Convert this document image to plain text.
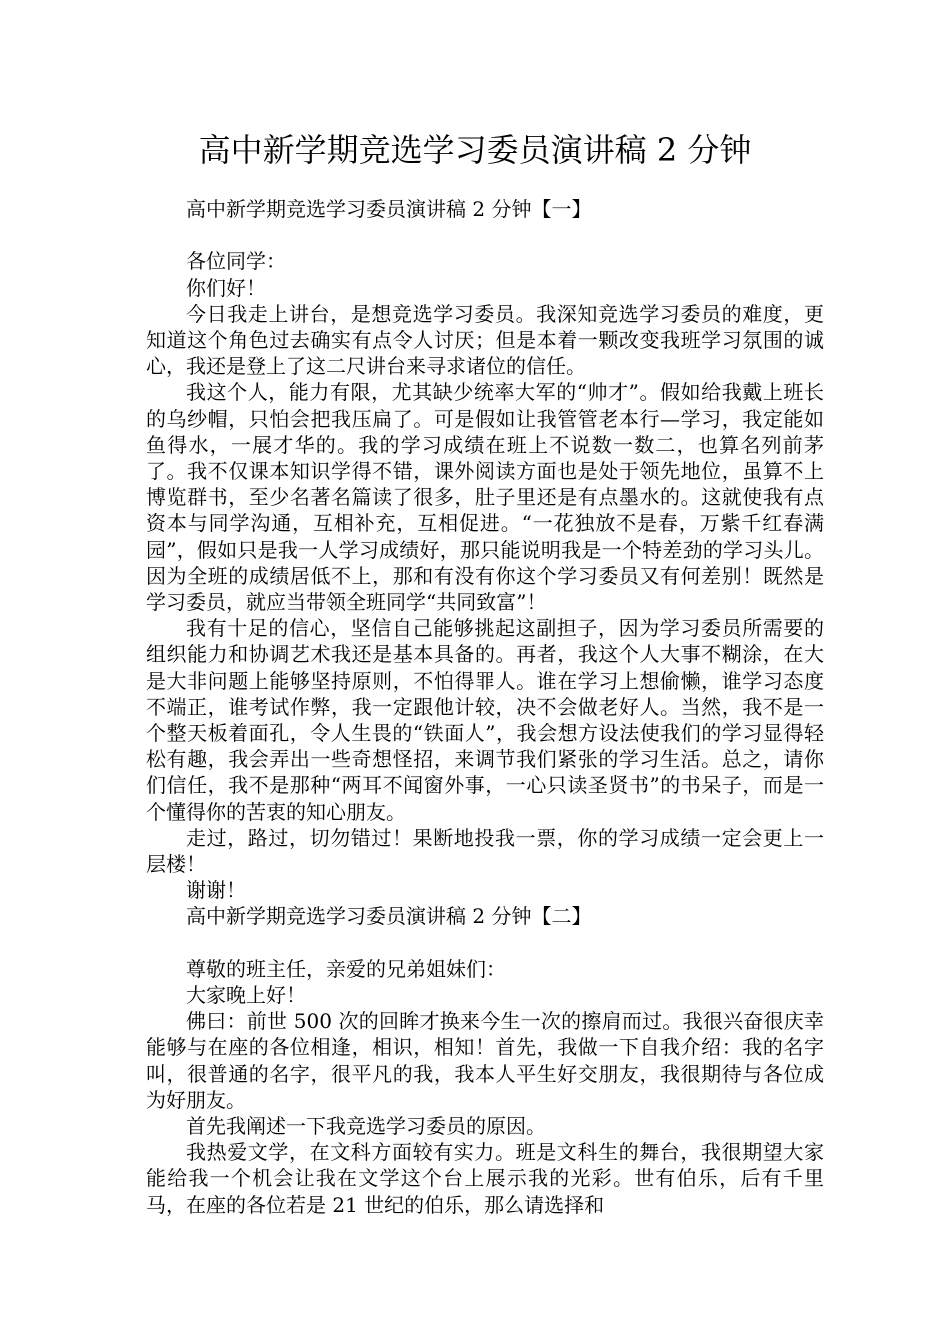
高中新学期竞选学习委员演讲稿 2 分钟

高中新学期竞选学习委员演讲稿 2 分钟【一】

各位同学：

你们好！

今日我走上讲台，是想竞选学习委员。我深知竞选学习委员的难度，更知道这个角色过去确实有点令人讨厌；但是本着一颗改变我班学习氛围的诚心，我还是登上了这二尺讲台来寻求诸位的信任。

我这个人，能力有限，尤其缺少统率大军的“帅才”。假如给我戴上班长的乌纱帽，只怕会把我压扁了。可是假如让我管管老本行—学习，我定能如鱼得水，一展才华的。我的学习成绩在班上不说数一数二，也算名列前茅了。我不仅课本知识学得不错，课外阅读方面也是处于领先地位，虽算不上博览群书，至少名著名篇读了很多，肚子里还是有点墨水的。这就使我有点资本与同学沟通，互相补充，互相促进。“一花独放不是春，万紫千红春满园”，假如只是我一人学习成绩好，那只能说明我是一个特差劲的学习头儿。因为全班的成绩居低不上，那和有没有你这个学习委员又有何差别！既然是学习委员，就应当带领全班同学“共同致富”！

我有十足的信心，坚信自己能够挑起这副担子，因为学习委员所需要的组织能力和协调艺术我还是基本具备的。再者，我这个人大事不糊涂，在大是大非问题上能够坚持原则，不怕得罪人。谁在学习上想偷懒，谁学习态度不端正，谁考试作弊，我一定跟他计较，决不会做老好人。当然，我不是一个整天板着面孔，令人生畏的“铁面人”，我会想方设法使我们的学习显得轻松有趣，我会弄出一些奇想怪招，来调节我们紧张的学习生活。总之，请你们信任，我不是那种“两耳不闻窗外事，一心只读圣贤书”的书呆子，而是一个懂得你的苦衷的知心朋友。

走过，路过，切勿错过！果断地投我一票，你的学习成绩一定会更上一层楼！

谢谢！

高中新学期竞选学习委员演讲稿 2 分钟【二】

尊敬的班主任，亲爱的兄弟姐妹们：

大家晚上好！

佛曰：前世 500 次的回眸才换来今生一次的擦肩而过。我很兴奋很庆幸能够与在座的各位相逢，相识，相知！首先，我做一下自我介绍：我的名字叫，很普通的名字，很平凡的我，我本人平生好交朋友，我很期待与各位成为好朋友。

首先我阐述一下我竞选学习委员的原因。

我热爱文学，在文科方面较有实力。班是文科生的舞台，我很期望大家能给我一个机会让我在文学这个台上展示我的光彩。世有伯乐，后有千里马，在座的各位若是 21 世纪的伯乐，那么请选择和
